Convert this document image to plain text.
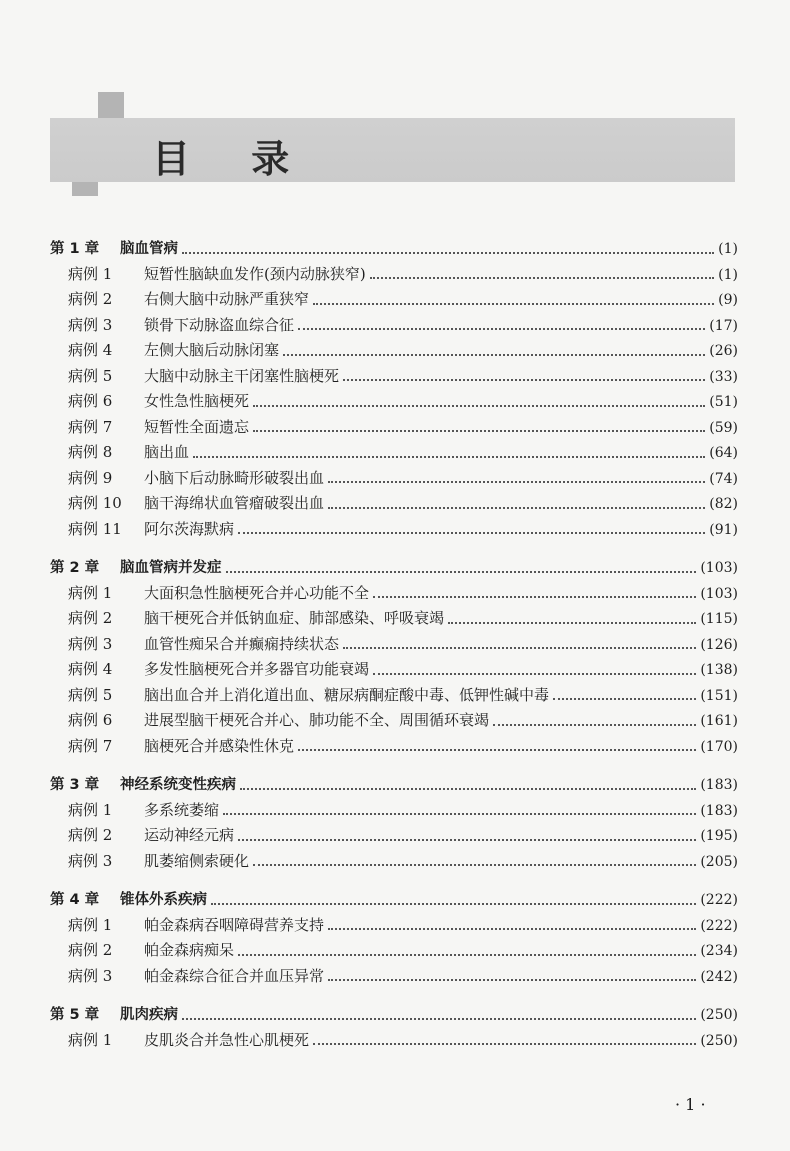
目 录
第 1 章	脑血管病	(1)
病例 1	短暂性脑缺血发作(颈内动脉狭窄)	(1)
病例 2	右侧大脑中动脉严重狭窄	(9)
病例 3	锁骨下动脉盗血综合征	(17)
病例 4	左侧大脑后动脉闭塞	(26)
病例 5	大脑中动脉主干闭塞性脑梗死	(33)
病例 6	女性急性脑梗死	(51)
病例 7	短暂性全面遗忘	(59)
病例 8	脑出血	(64)
病例 9	小脑下后动脉畸形破裂出血	(74)
病例 10	脑干海绵状血管瘤破裂出血	(82)
病例 11	阿尔茨海默病	(91)
第 2 章	脑血管病并发症	(103)
病例 1	大面积急性脑梗死合并心功能不全	(103)
病例 2	脑干梗死合并低钠血症、肺部感染、呼吸衰竭	(115)
病例 3	血管性痴呆合并癫痫持续状态	(126)
病例 4	多发性脑梗死合并多器官功能衰竭	(138)
病例 5	脑出血合并上消化道出血、糖尿病酮症酸中毒、低钾性碱中毒	(151)
病例 6	进展型脑干梗死合并心、肺功能不全、周围循环衰竭	(161)
病例 7	脑梗死合并感染性休克	(170)
第 3 章	神经系统变性疾病	(183)
病例 1	多系统萎缩	(183)
病例 2	运动神经元病	(195)
病例 3	肌萎缩侧索硬化	(205)
第 4 章	锥体外系疾病	(222)
病例 1	帕金森病吞咽障碍营养支持	(222)
病例 2	帕金森病痴呆	(234)
病例 3	帕金森综合征合并血压异常	(242)
第 5 章	肌肉疾病	(250)
病例 1	皮肌炎合并急性心肌梗死	(250)
· 1 ·
